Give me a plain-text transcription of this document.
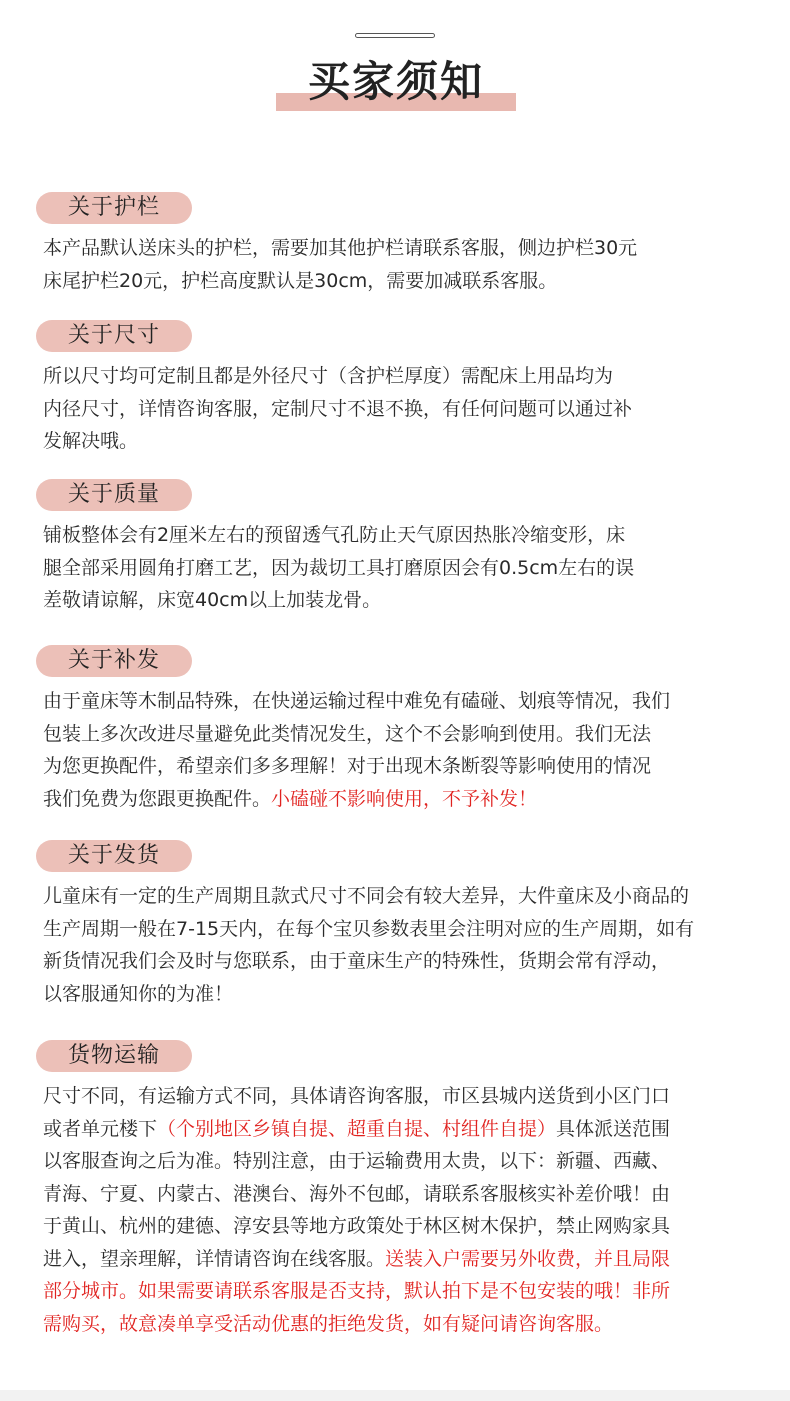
买家须知
关于护栏
本产品默认送床头的护栏，需要加其他护栏请联系客服，侧边护栏30元
床尾护栏20元，护栏高度默认是30cm，需要加减联系客服。
关于尺寸
所以尺寸均可定制且都是外径尺寸（含护栏厚度）需配床上用品均为
内径尺寸，详情咨询客服，定制尺寸不退不换，有任何问题可以通过补
发解决哦。
关于质量
铺板整体会有2厘米左右的预留透气孔防止天气原因热胀冷缩变形，床
腿全部采用圆角打磨工艺，因为裁切工具打磨原因会有0.5cm左右的误
差敬请谅解，床宽40cm以上加装龙骨。
关于补发
由于童床等木制品特殊，在快递运输过程中难免有磕碰、划痕等情况，我们
包装上多次改进尽量避免此类情况发生，这个不会影响到使用。我们无法
为您更换配件，希望亲们多多理解！对于出现木条断裂等影响使用的情况
我们免费为您跟更换配件。小磕碰不影响使用，不予补发！
关于发货
儿童床有一定的生产周期且款式尺寸不同会有较大差异，大件童床及小商品的
生产周期一般在7-15天内，在每个宝贝参数表里会注明对应的生产周期，如有
新货情况我们会及时与您联系，由于童床生产的特殊性，货期会常有浮动，
以客服通知你的为准！
货物运输
尺寸不同，有运输方式不同，具体请咨询客服，市区县城内送货到小区门口
或者单元楼下（个别地区乡镇自提、超重自提、村组件自提）具体派送范围
以客服查询之后为准。特别注意，由于运输费用太贵，以下：新疆、西藏、
青海、宁夏、内蒙古、港澳台、海外不包邮，请联系客服核实补差价哦！由
于黄山、杭州的建德、淳安县等地方政策处于林区树木保护，禁止网购家具
进入，望亲理解，详情请咨询在线客服。送装入户需要另外收费，并且局限
部分城市。如果需要请联系客服是否支持，默认拍下是不包安装的哦！非所
需购买，故意凑单享受活动优惠的拒绝发货，如有疑问请咨询客服。
